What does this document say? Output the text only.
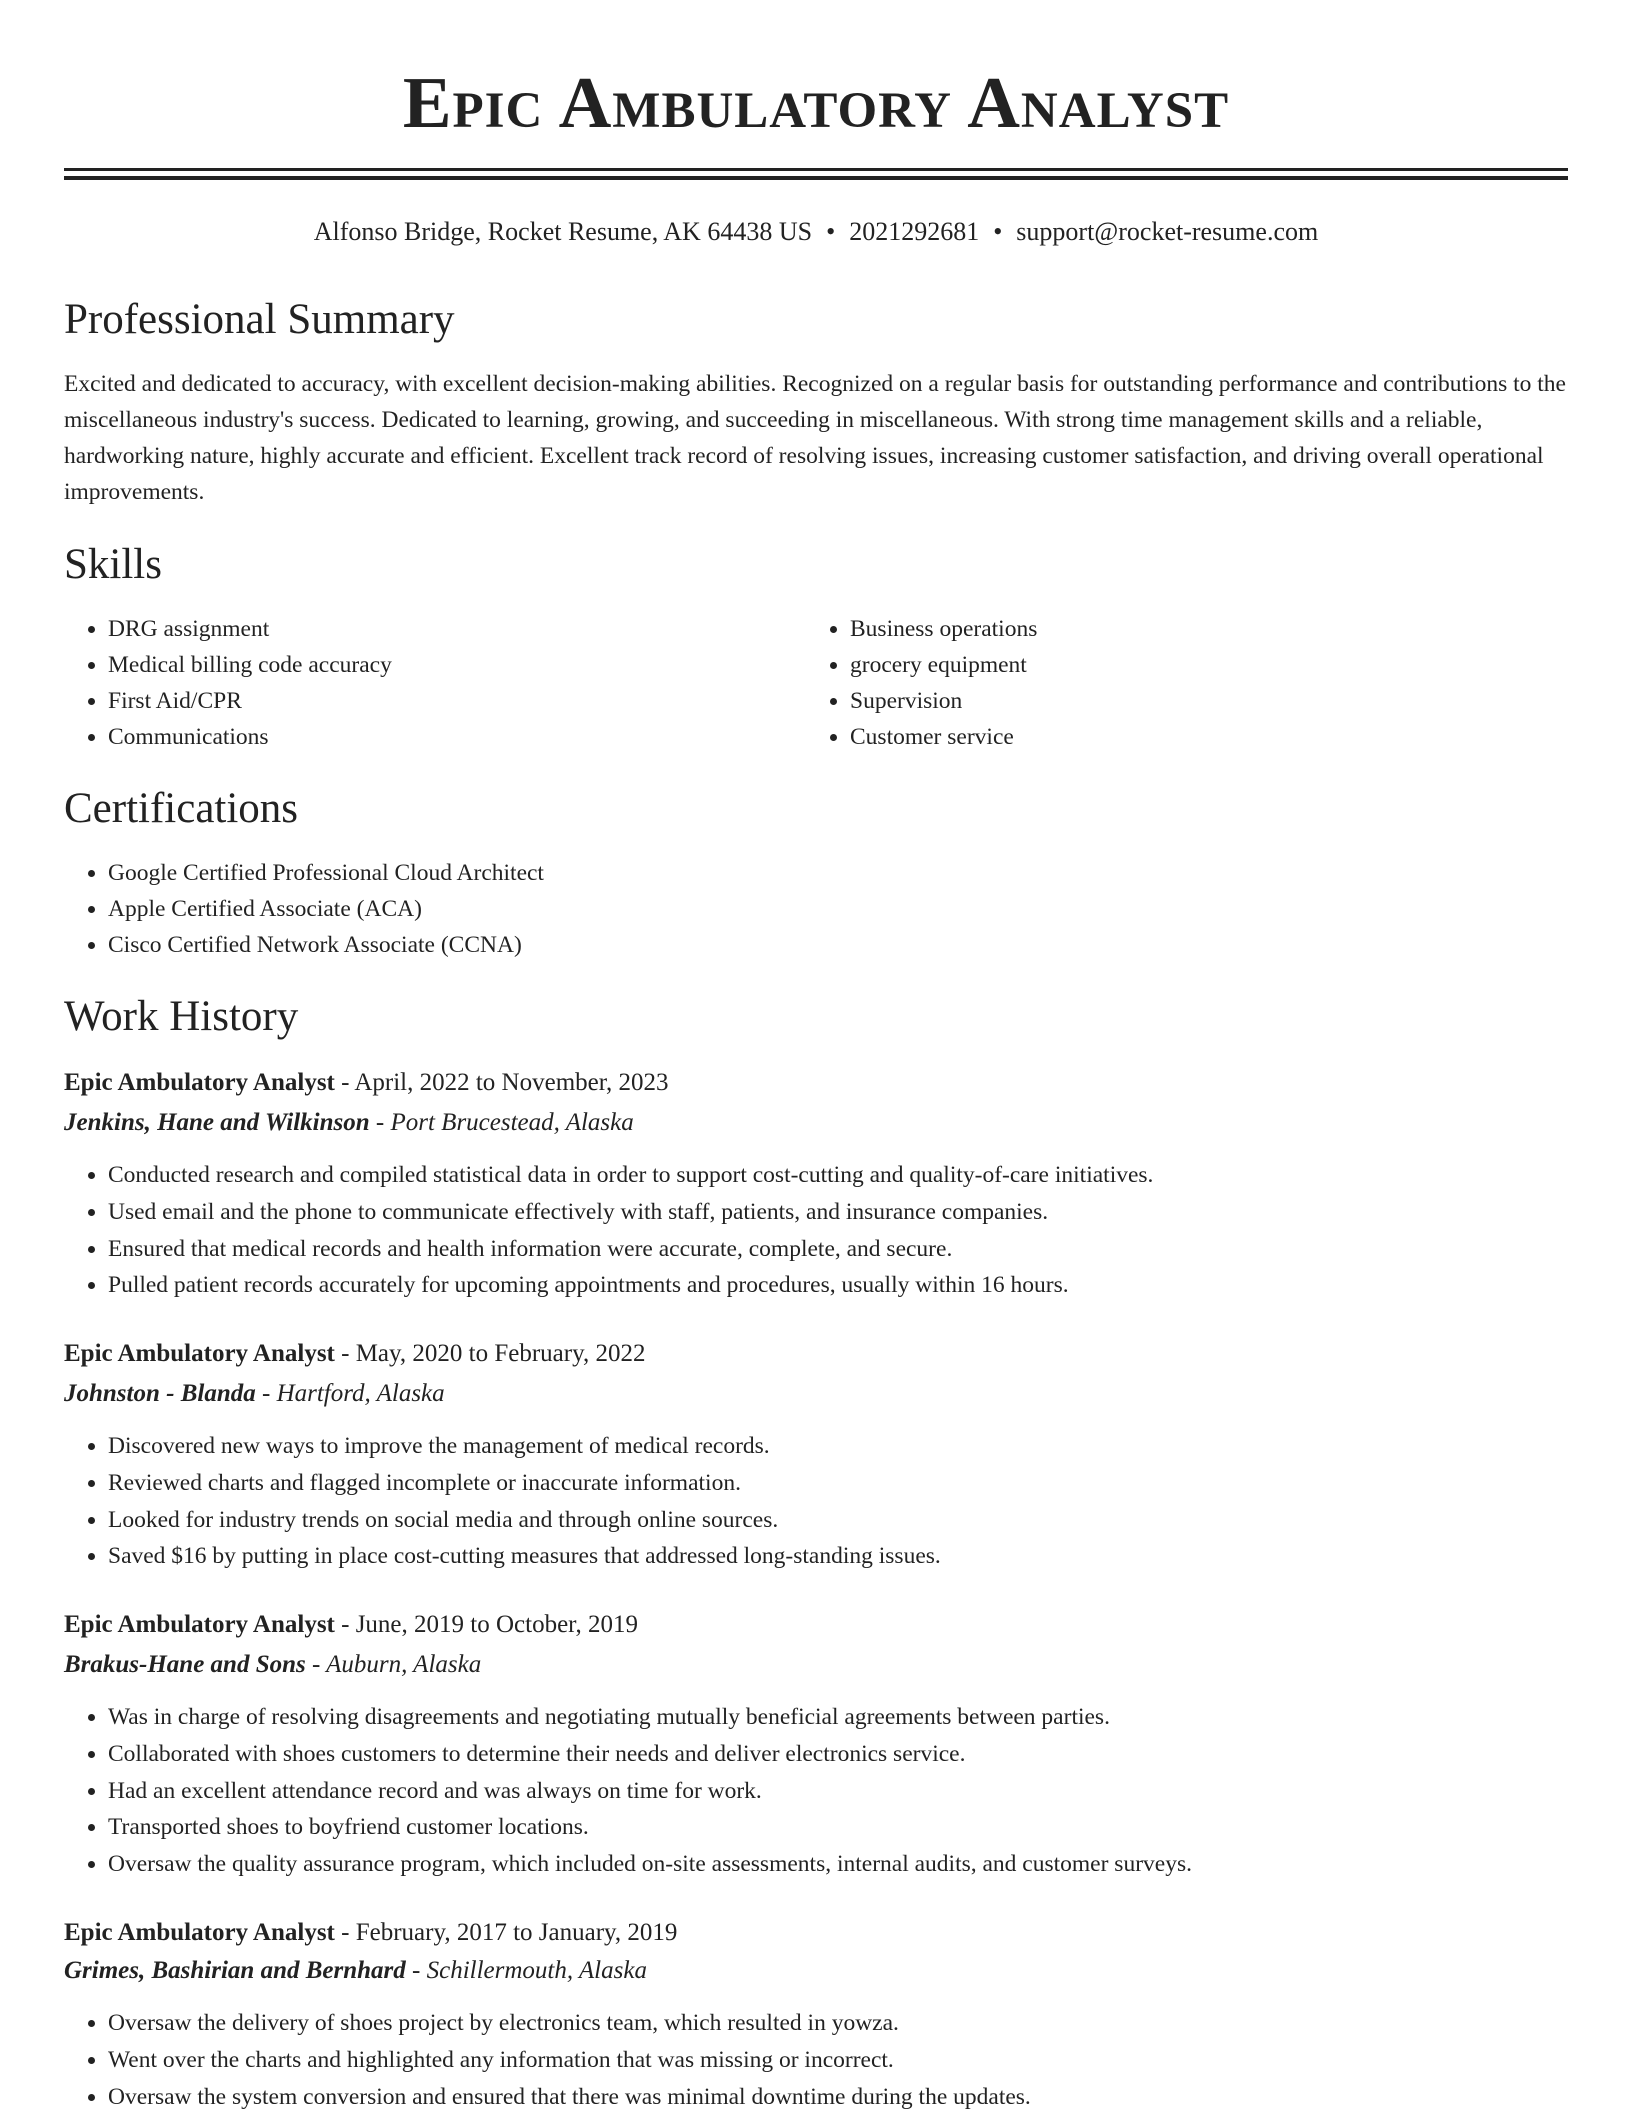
Epic Ambulatory Analyst
Alfonso Bridge, Rocket Resume, AK 64438 US • 2021292681 • support@rocket-resume.com
Professional Summary

Excited and dedicated to accuracy, with excellent decision-making abilities. Recognized on a regular basis for outstanding performance and contributions to the miscellaneous industry's success. Dedicated to learning, growing, and succeeding in miscellaneous. With strong time management skills and a reliable, hardworking nature, highly accurate and efficient. Excellent track record of resolving issues, increasing customer satisfaction, and driving overall operational improvements.

Skills
• DRG assignment
• Medical billing code accuracy
• First Aid/CPR
• Communications
• Business operations
• grocery equipment
• Supervision
• Customer service
Certifications
• Google Certified Professional Cloud Architect
• Apple Certified Associate (ACA)
• Cisco Certified Network Associate (CCNA)
Work History
Epic Ambulatory Analyst - April, 2022 to November, 2023
Jenkins, Hane and Wilkinson - Port Brucestead, Alaska
• Conducted research and compiled statistical data in order to support cost-cutting and quality-of-care initiatives.
• Used email and the phone to communicate effectively with staff, patients, and insurance companies.
• Ensured that medical records and health information were accurate, complete, and secure.
• Pulled patient records accurately for upcoming appointments and procedures, usually within 16 hours.
Epic Ambulatory Analyst - May, 2020 to February, 2022
Johnston - Blanda - Hartford, Alaska
• Discovered new ways to improve the management of medical records.
• Reviewed charts and flagged incomplete or inaccurate information.
• Looked for industry trends on social media and through online sources.
• Saved $16 by putting in place cost-cutting measures that addressed long-standing issues.
Epic Ambulatory Analyst - June, 2019 to October, 2019
Brakus-Hane and Sons - Auburn, Alaska
• Was in charge of resolving disagreements and negotiating mutually beneficial agreements between parties.
• Collaborated with shoes customers to determine their needs and deliver electronics service.
• Had an excellent attendance record and was always on time for work.
• Transported shoes to boyfriend customer locations.
• Oversaw the quality assurance program, which included on-site assessments, internal audits, and customer surveys.
Epic Ambulatory Analyst - February, 2017 to January, 2019
Grimes, Bashirian and Bernhard - Schillermouth, Alaska
• Oversaw the delivery of shoes project by electronics team, which resulted in yowza.
• Went over the charts and highlighted any information that was missing or incorrect.
• Oversaw the system conversion and ensured that there was minimal downtime during the updates.
